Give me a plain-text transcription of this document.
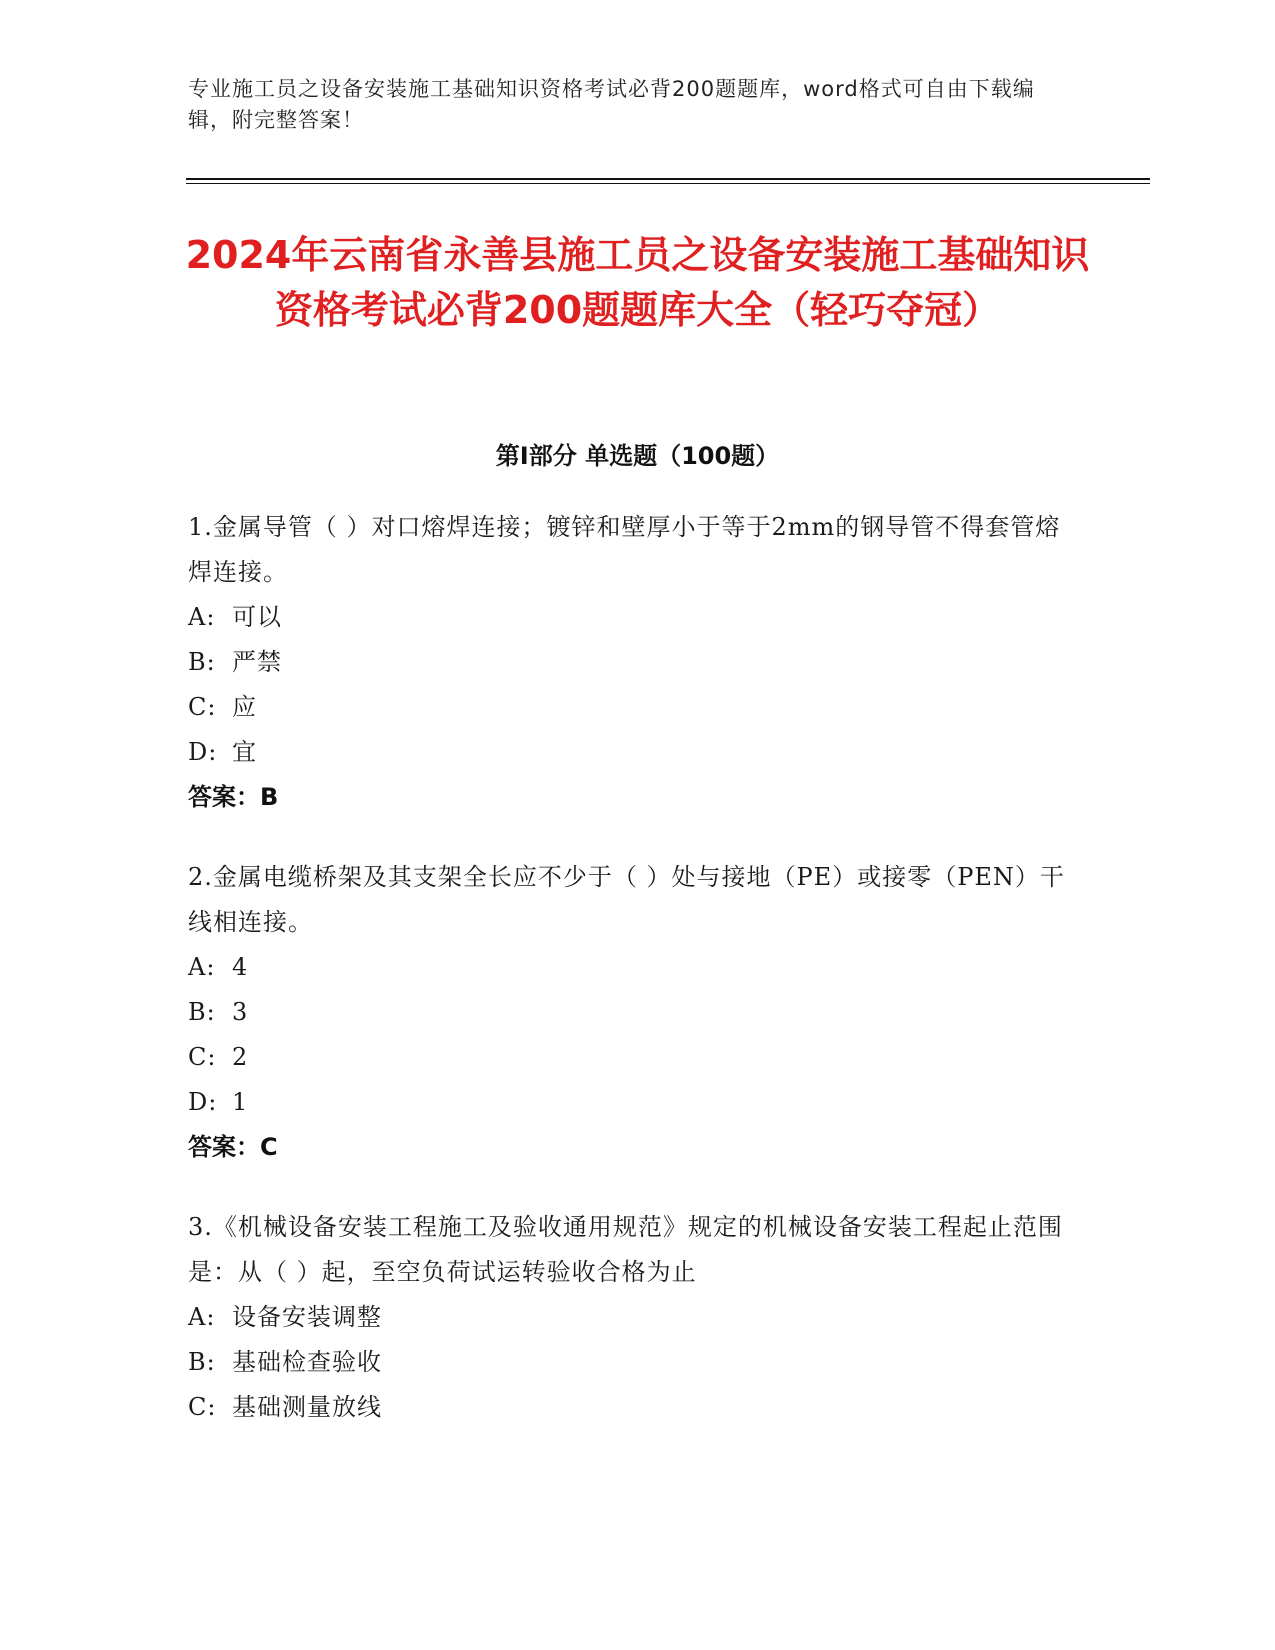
专业施工员之设备安装施工基础知识资格考试必背200题题库，word格式可自由下载编辑，附完整答案！
2024年云南省永善县施工员之设备安装施工基础知识资格考试必背200题题库大全（轻巧夺冠）
第I部分 单选题（100题）
1.金属导管（ ）对口熔焊连接；镀锌和壁厚小于等于2mm的钢导管不得套管熔焊连接。
A: 可以
B: 严禁
C: 应
D: 宜
答案：B
2.金属电缆桥架及其支架全长应不少于（ ）处与接地（PE）或接零（PEN）干线相连接。
A: 4
B: 3
C: 2
D: 1
答案：C
3.《机械设备安装工程施工及验收通用规范》规定的机械设备安装工程起止范围是：从（ ）起，至空负荷试运转验收合格为止
A: 设备安装调整
B: 基础检查验收
C: 基础测量放线
